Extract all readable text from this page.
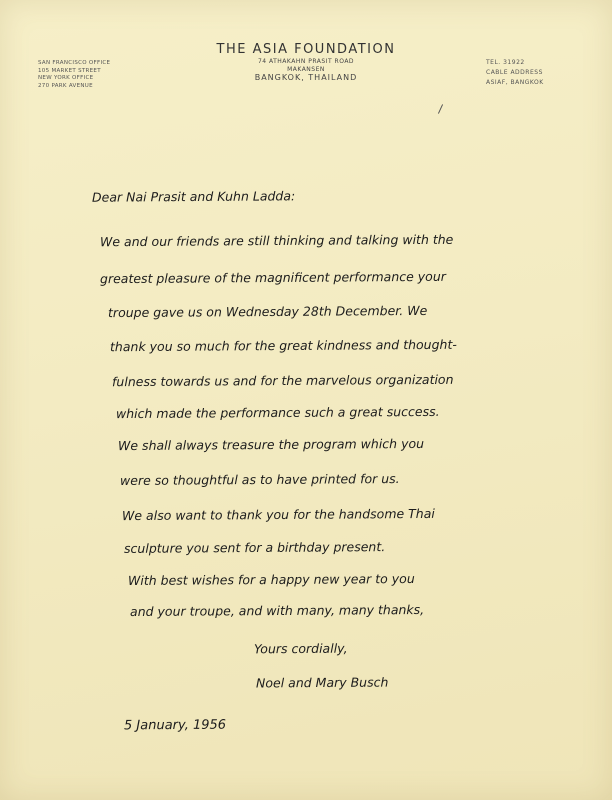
THE ASIA FOUNDATION
74 ATHAKAHN PRASIT ROAD
MAKANSEN
BANGKOK, THAILAND
SAN FRANCISCO OFFICE
105 MARKET STREET
NEW YORK OFFICE
270 PARK AVENUE
TEL. 31922
CABLE ADDRESS
ASIAF, BANGKOK
Dear Nai Prasit and Kuhn Ladda:
We and our friends are still thinking and talking with the
greatest pleasure of the magnificent performance your
troupe gave us on Wednesday 28th December. We
thank you so much for the great kindness and thought-
fulness towards us and for the marvelous organization
which made the performance such a great success.
We shall always treasure the program which you
were so thoughtful as to have printed for us.
We also want to thank you for the handsome Thai
sculpture you sent for a birthday present.
With best wishes for a happy new year to you
and your troupe, and with many, many thanks,
Yours cordially,
Noel and Mary Busch
5 January, 1956
